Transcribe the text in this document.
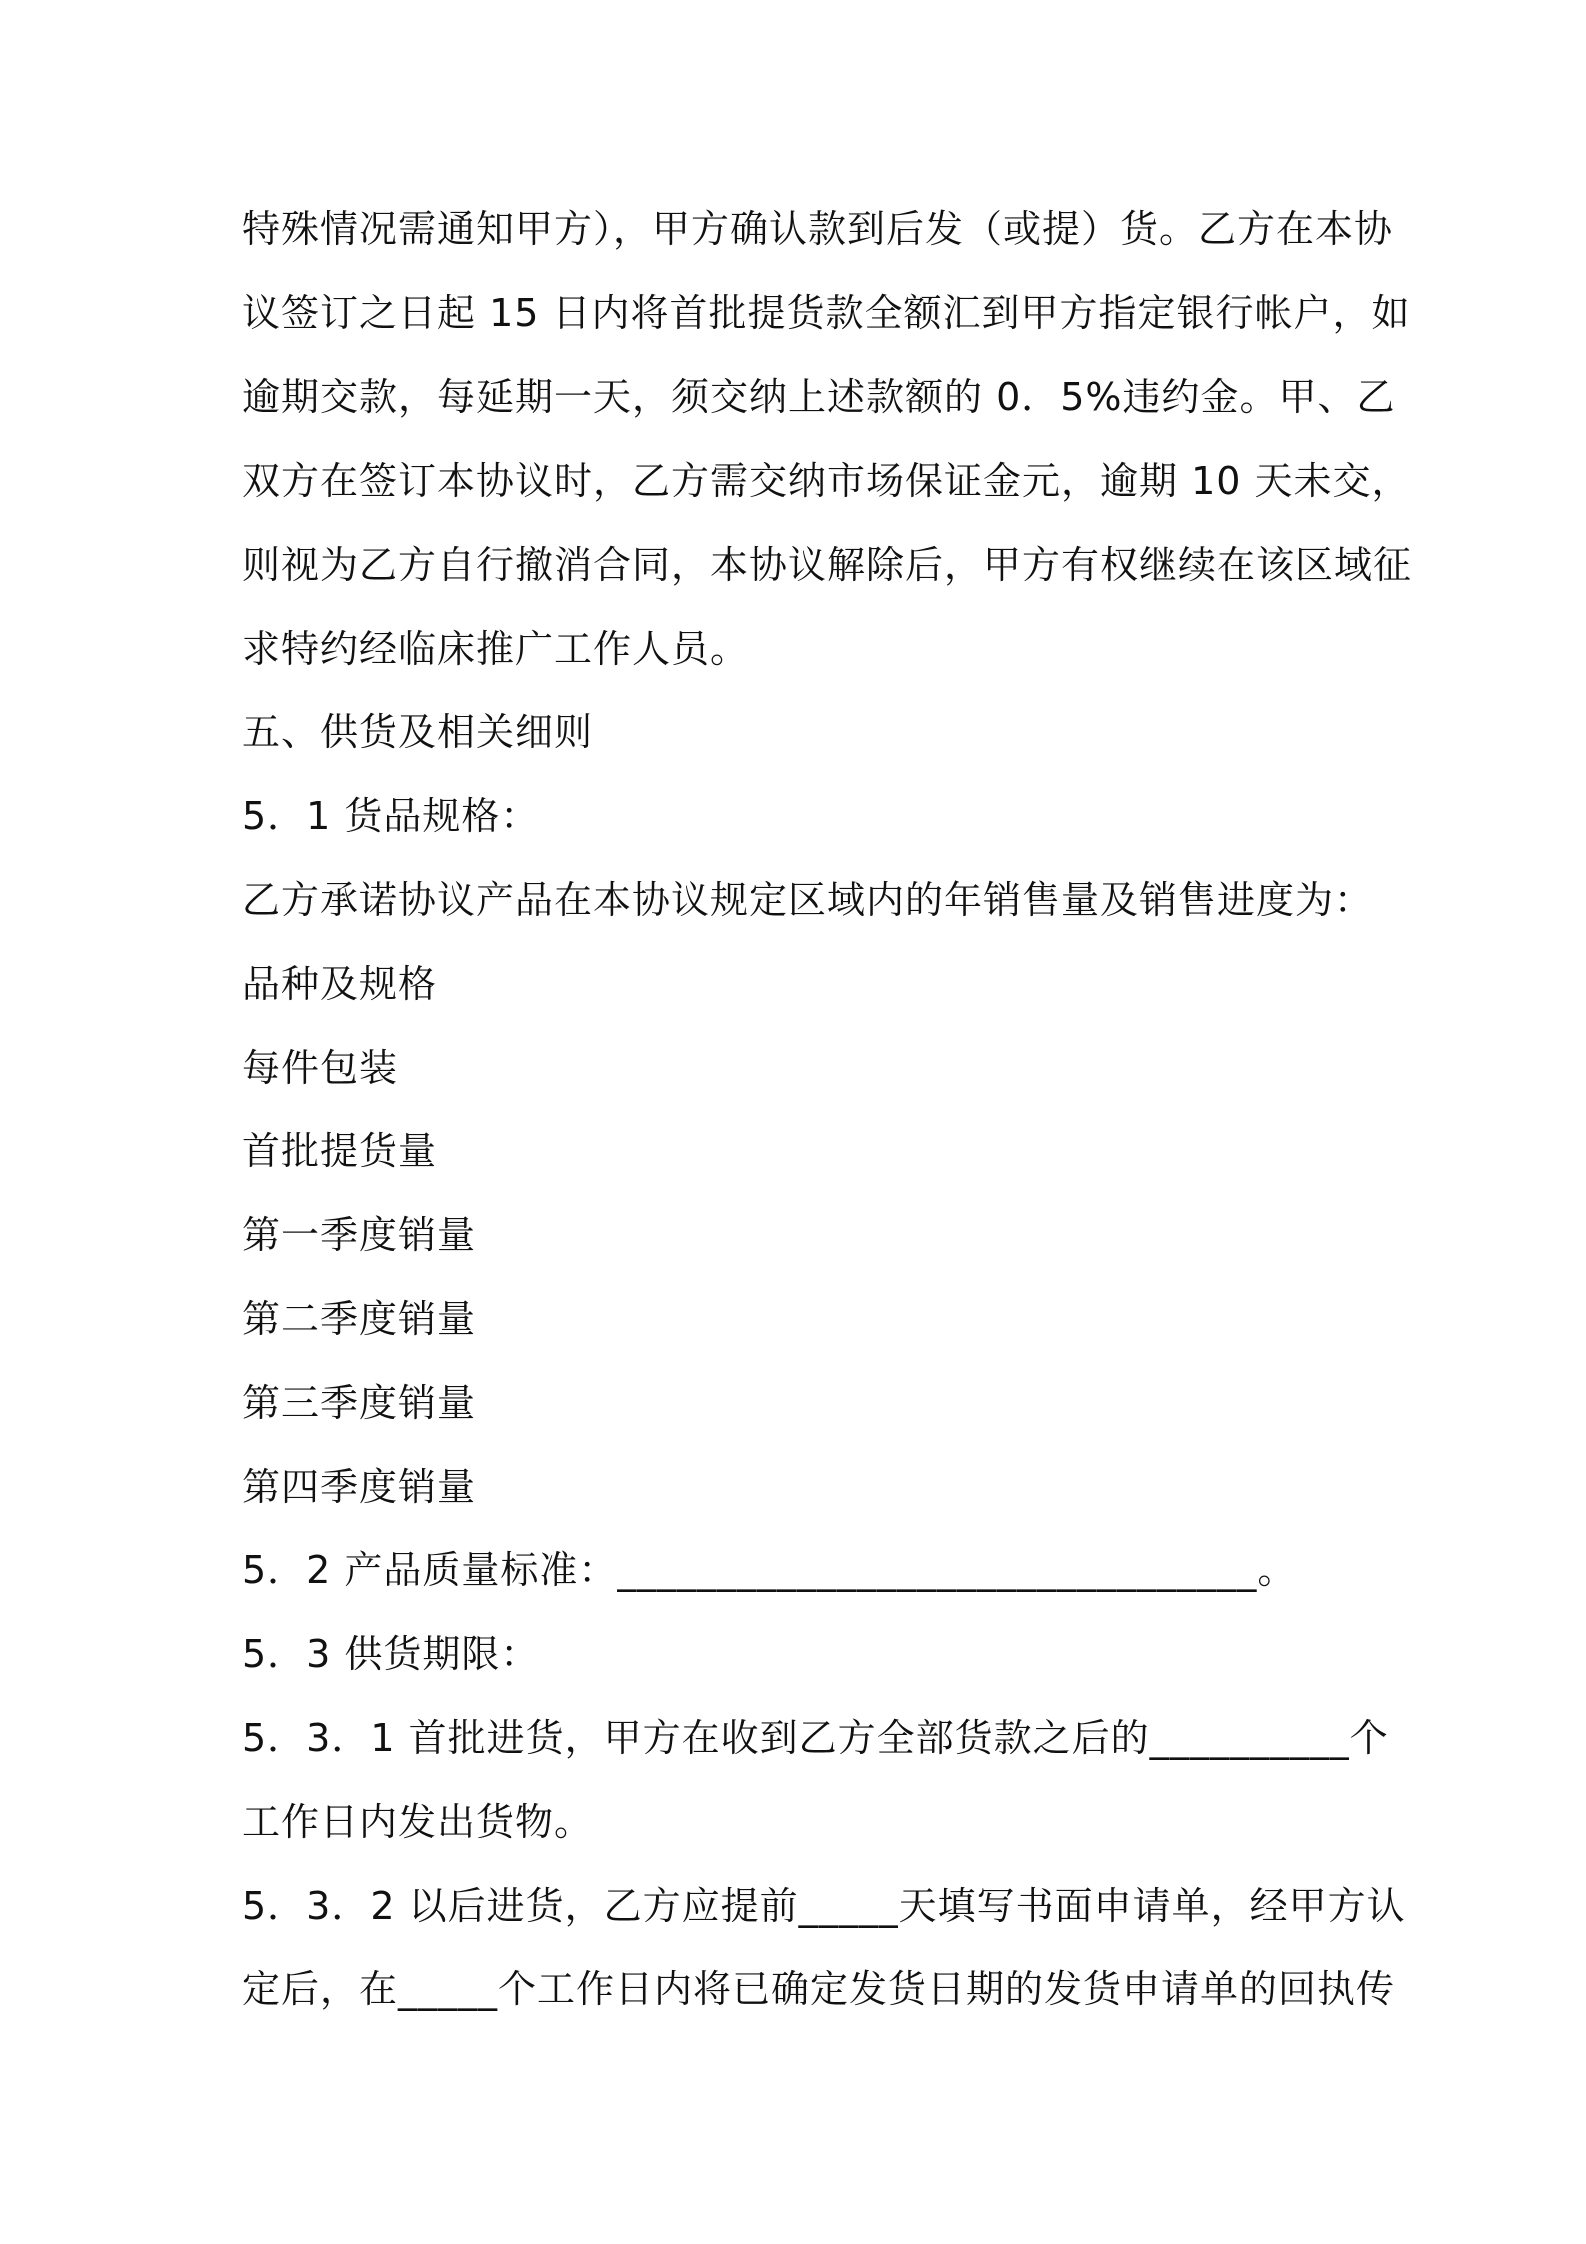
特殊情况需通知甲方），甲方确认款到后发（或提）货。乙方在本协
议签订之日起 15 日内将首批提货款全额汇到甲方指定银行帐户，如
逾期交款，每延期一天，须交纳上述款额的 0．5%违约金。甲、乙
双方在签订本协议时，乙方需交纳市场保证金元，逾期 10 天未交，
则视为乙方自行撤消合同，本协议解除后，甲方有权继续在该区域征
求特约经临床推广工作人员。
五、供货及相关细则
5．1 货品规格：
乙方承诺协议产品在本协议规定区域内的年销售量及销售进度为：
品种及规格
每件包装
首批提货量
第一季度销量
第二季度销量
第三季度销量
第四季度销量
5．2 产品质量标准：________________________________。
5．3 供货期限：
5．3．1 首批进货，甲方在收到乙方全部货款之后的__________个
工作日内发出货物。
5．3．2 以后进货，乙方应提前_____天填写书面申请单，经甲方认
定后，在_____个工作日内将已确定发货日期的发货申请单的回执传
